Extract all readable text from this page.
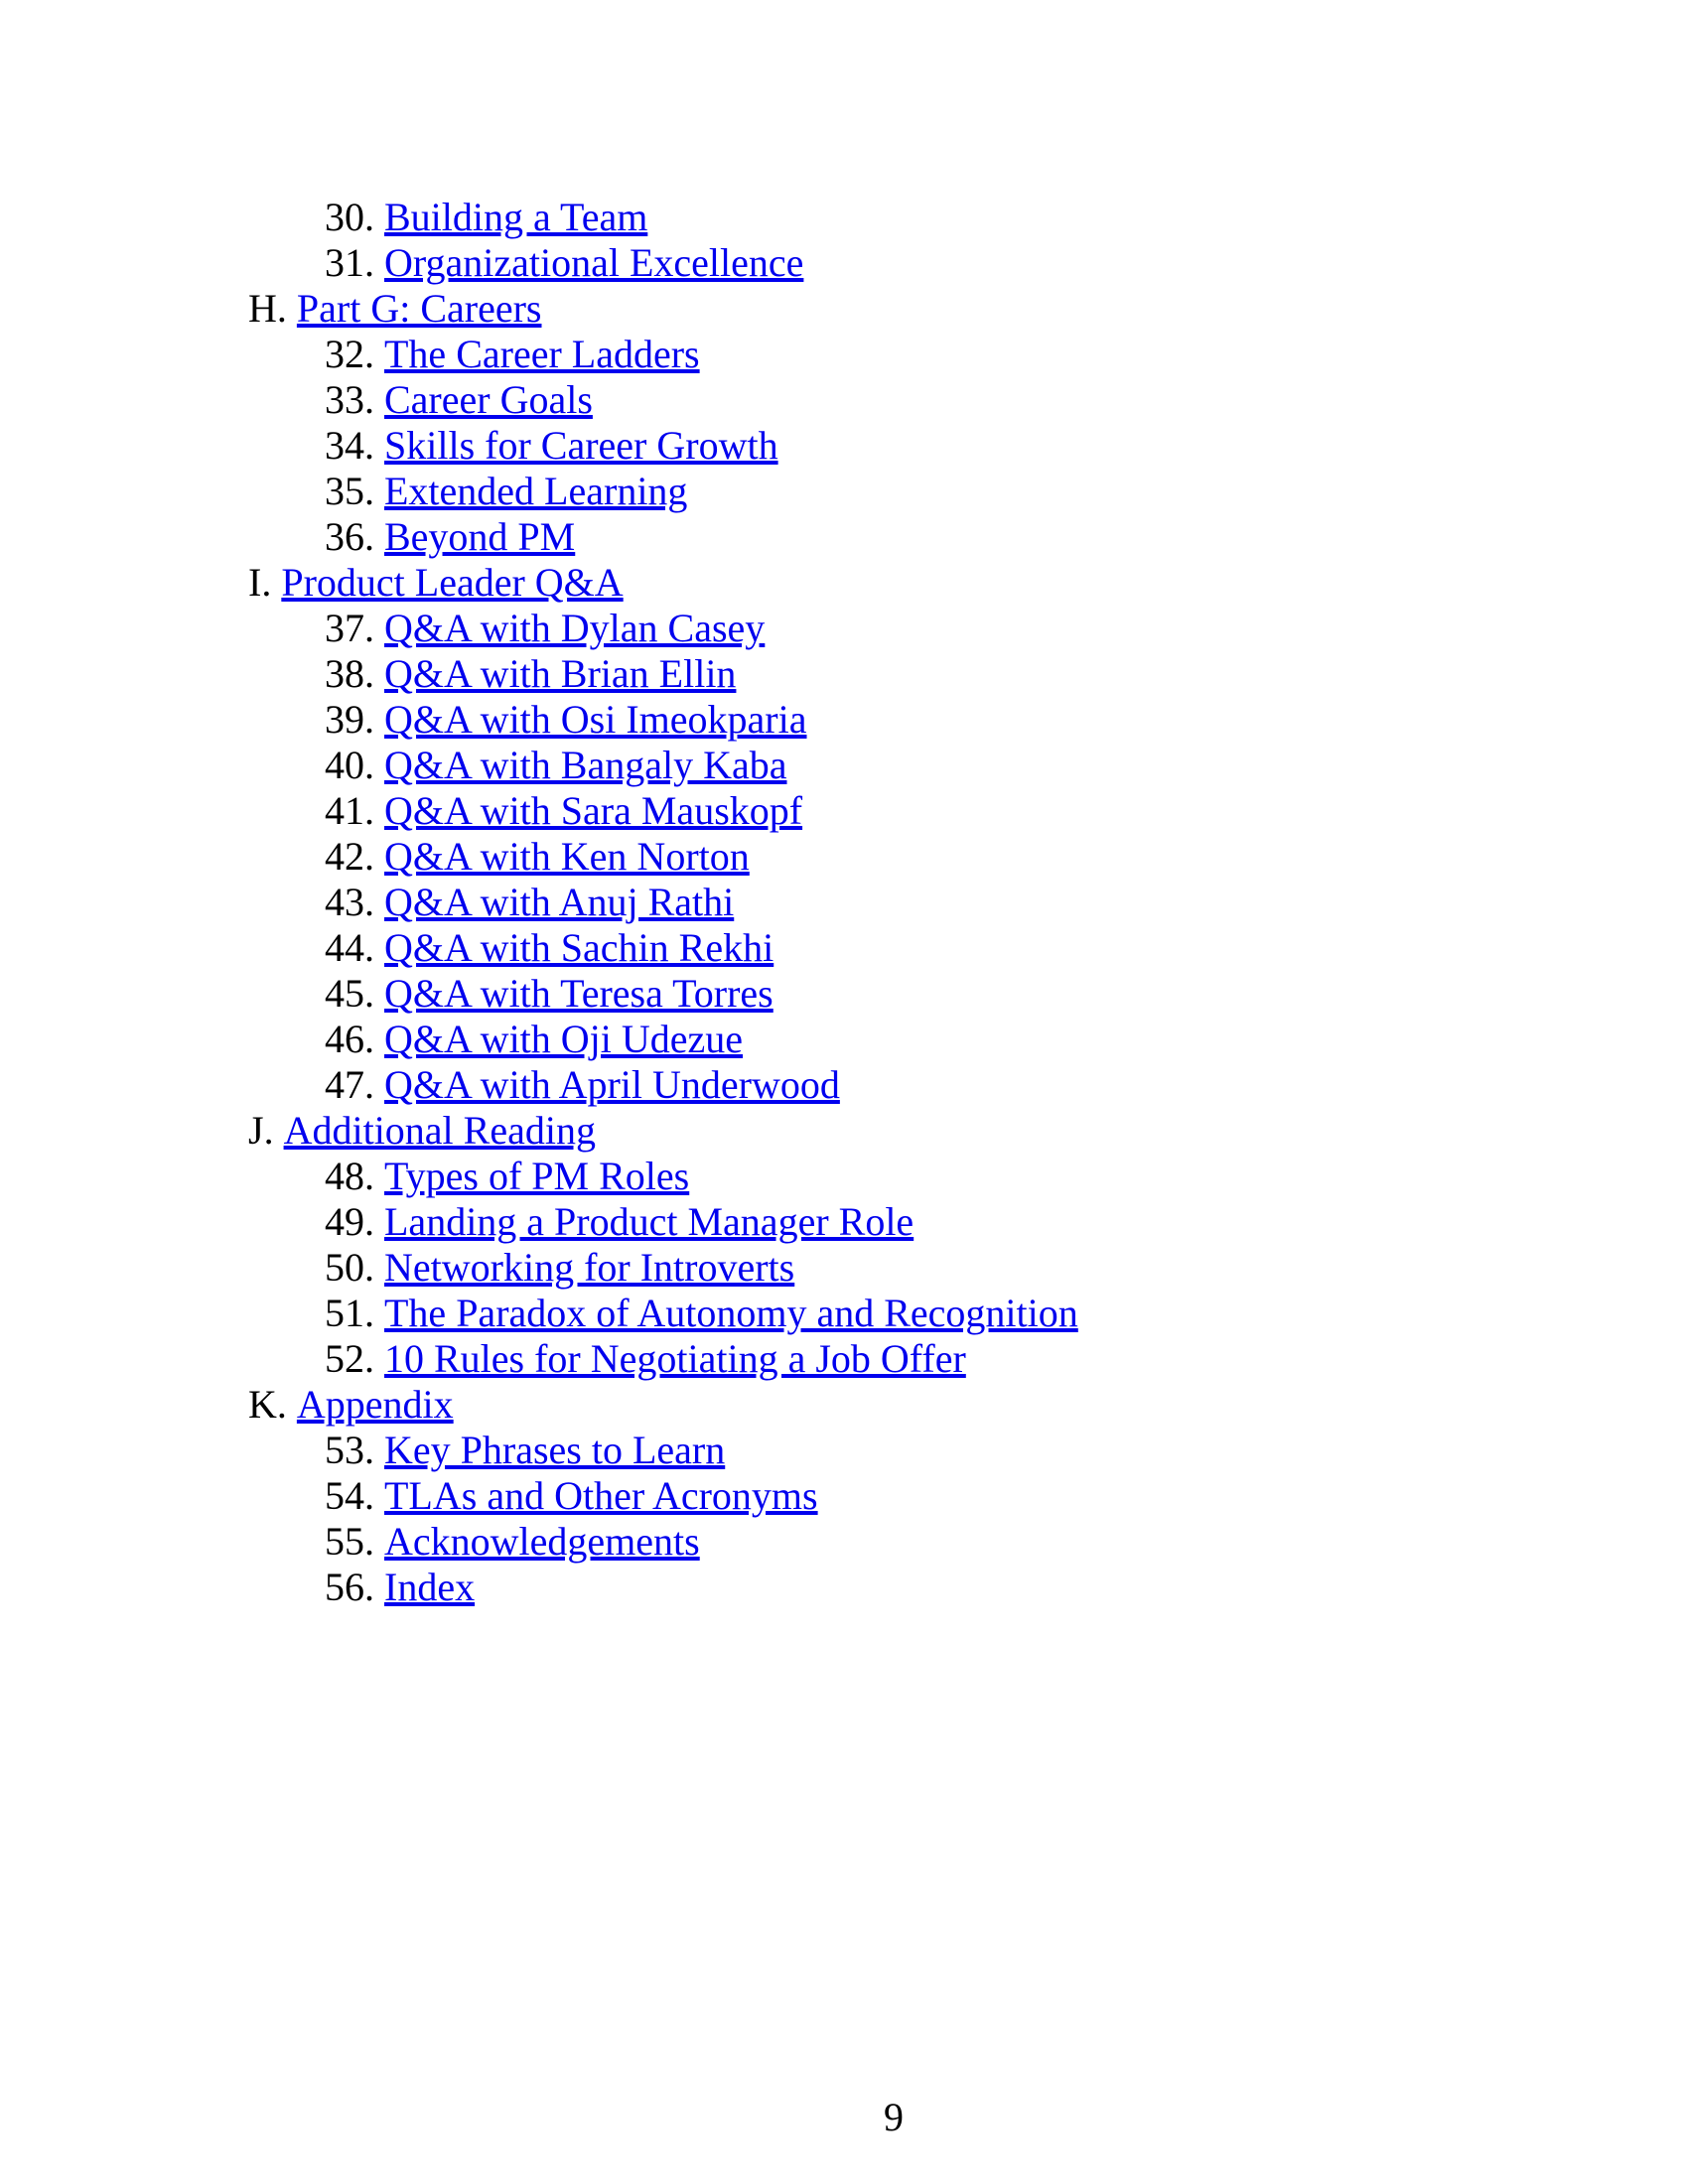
30. Building a Team
31. Organizational Excellence
H. Part G: Careers
32. The Career Ladders
33. Career Goals
34. Skills for Career Growth
35. Extended Learning
36. Beyond PM
I. Product Leader Q&A
37. Q&A with Dylan Casey
38. Q&A with Brian Ellin
39. Q&A with Osi Imeokparia
40. Q&A with Bangaly Kaba
41. Q&A with Sara Mauskopf
42. Q&A with Ken Norton
43. Q&A with Anuj Rathi
44. Q&A with Sachin Rekhi
45. Q&A with Teresa Torres
46. Q&A with Oji Udezue
47. Q&A with April Underwood
J. Additional Reading
48. Types of PM Roles
49. Landing a Product Manager Role
50. Networking for Introverts
51. The Paradox of Autonomy and Recognition
52. 10 Rules for Negotiating a Job Offer
K. Appendix
53. Key Phrases to Learn
54. TLAs and Other Acronyms
55. Acknowledgements
56. Index
9
